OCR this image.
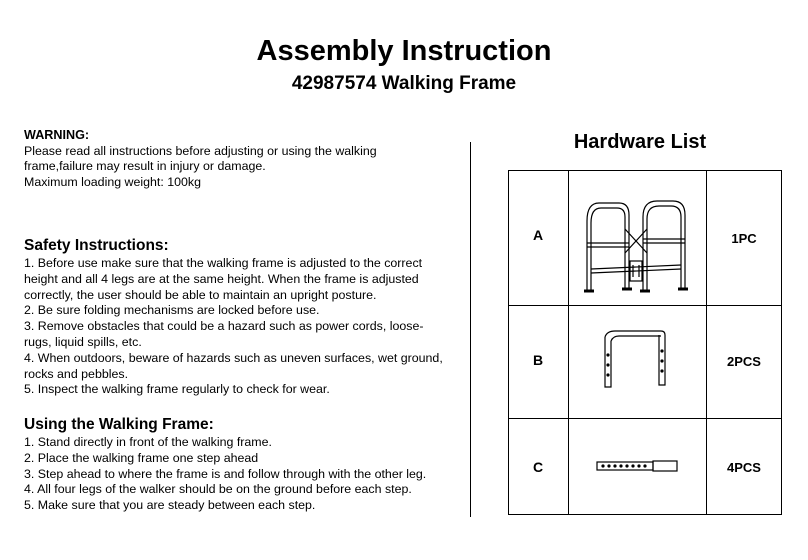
Assembly Instruction
42987574 Walking Frame
WARNING:
Please read all instructions before adjusting or using the walking
frame,failure may result in injury or damage.
Maximum loading weight: 100kg
Safety Instructions:
1. Before use make sure that the walking frame is adjusted to the correct
height and all 4 legs are at the same height. When the frame is adjusted
correctly, the user should be able to maintain an upright posture.
2. Be sure folding mechanisms are locked before use.
3. Remove obstacles that could be a hazard such as power cords, loose-
rugs, liquid spills, etc.
4. When outdoors, beware of hazards such as uneven surfaces, wet ground,
rocks and pebbles.
5. Inspect the walking frame regularly to check for wear.
Using the Walking Frame:
1. Stand directly in front of the walking frame.
2. Place the walking frame one step ahead
3. Step ahead to where the frame is and follow through with the other leg.
4. All four legs of the walker should be on the ground before each step.
5. Make sure that you are steady between each step.
Hardware List
A	1PC
B	2PCS
C	4PCS
